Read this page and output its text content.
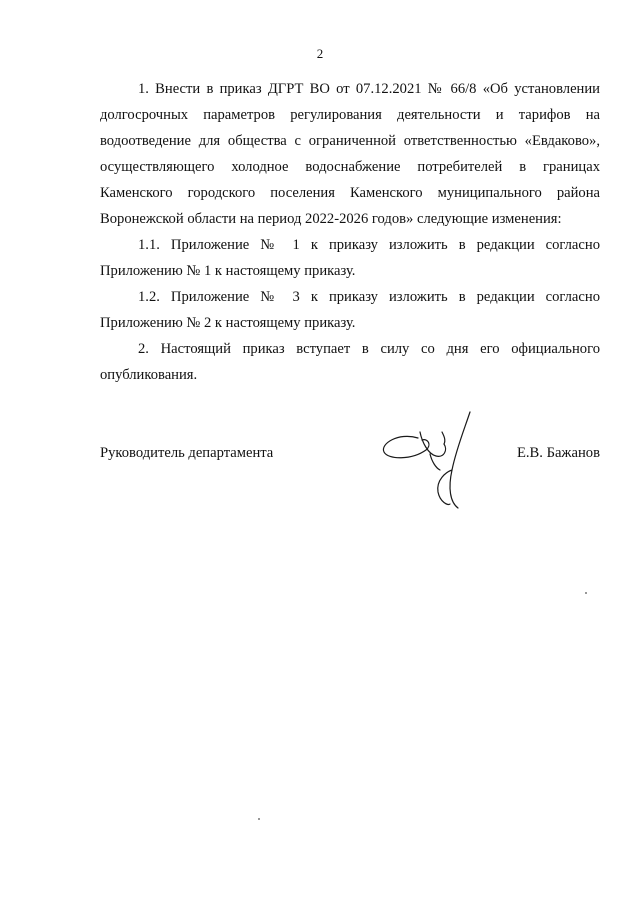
2

1. Внести в приказ ДГРТ ВО от 07.12.2021 № 66/8 «Об установлении долгосрочных параметров регулирования деятельности и тарифов на водоотведение для общества с ограниченной ответственностью «Евдаково», осуществляющего холодное водоснабжение потребителей в границах Каменского городского поселения Каменского муниципального района Воронежской области на период 2022-2026 годов» следующие изменения:

1.1. Приложение № 1 к приказу изложить в редакции согласно Приложению № 1 к настоящему приказу.

1.2. Приложение № 3 к приказу изложить в редакции согласно Приложению № 2 к настоящему приказу.

2. Настоящий приказ вступает в силу со дня его официального опубликования.

Руководитель департамента	Е.В. Бажанов
